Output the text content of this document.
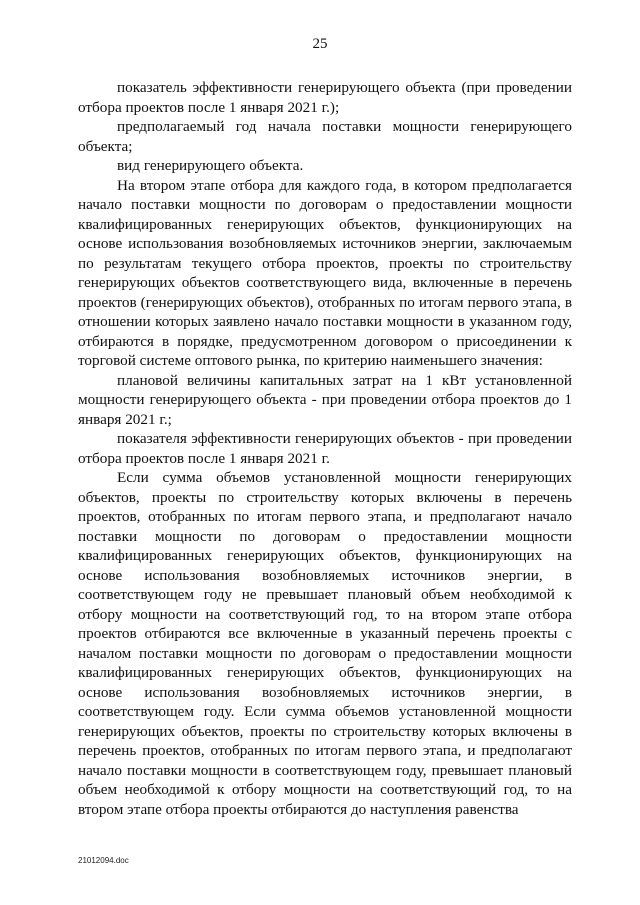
25

показатель эффективности генерирующего объекта (при проведении отбора проектов после 1 января 2021 г.);

предполагаемый год начала поставки мощности генерирующего объекта;

вид генерирующего объекта.

На втором этапе отбора для каждого года, в котором предполагается начало поставки мощности по договорам о предоставлении мощности квалифицированных генерирующих объектов, функционирующих на основе использования возобновляемых источников энергии, заключаемым по результатам текущего отбора проектов, проекты по строительству генерирующих объектов соответствующего вида, включенные в перечень проектов (генерирующих объектов), отобранных по итогам первого этапа, в отношении которых заявлено начало поставки мощности в указанном году, отбираются в порядке, предусмотренном договором о присоединении к торговой системе оптового рынка, по критерию наименьшего значения:

плановой величины капитальных затрат на 1 кВт установленной мощности генерирующего объекта - при проведении отбора проектов до 1 января 2021 г.;

показателя эффективности генерирующих объектов - при проведении отбора проектов после 1 января 2021 г.

Если сумма объемов установленной мощности генерирующих объектов, проекты по строительству которых включены в перечень проектов, отобранных по итогам первого этапа, и предполагают начало поставки мощности по договорам о предоставлении мощности квалифицированных генерирующих объектов, функционирующих на основе использования возобновляемых источников энергии, в соответствующем году не превышает плановый объем необходимой к отбору мощности на соответствующий год, то на втором этапе отбора проектов отбираются все включенные в указанный перечень проекты с началом поставки мощности по договорам о предоставлении мощности квалифицированных генерирующих объектов, функционирующих на основе использования возобновляемых источников энергии, в соответствующем году. Если сумма объемов установленной мощности генерирующих объектов, проекты по строительству которых включены в перечень проектов, отобранных по итогам первого этапа, и предполагают начало поставки мощности в соответствующем году, превышает плановый объем необходимой к отбору мощности на соответствующий год, то на втором этапе отбора проекты отбираются до наступления равенства

21012094.doc
